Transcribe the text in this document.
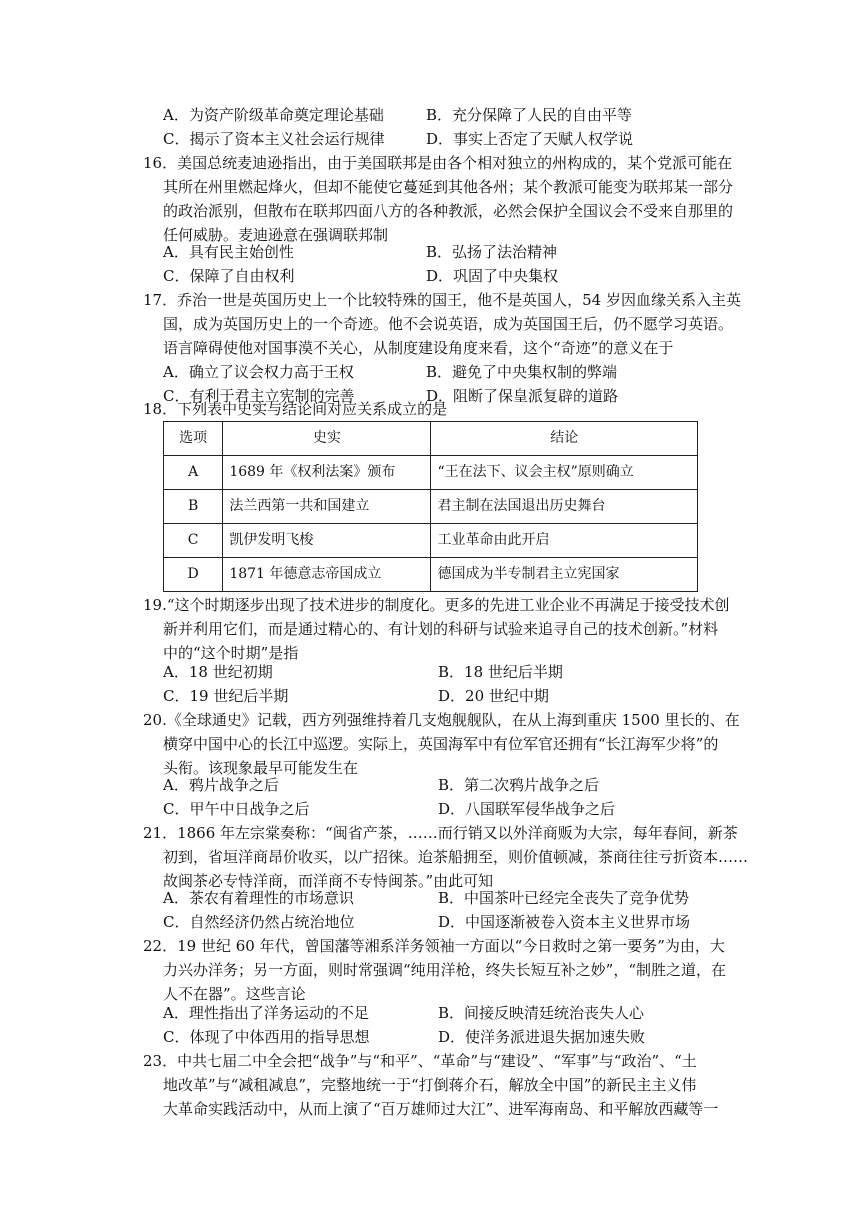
A．为资产阶级革命奠定理论基础	B．充分保障了人民的自由平等
C．揭示了资本主义社会运行规律	D．事实上否定了天赋人权学说
16．美国总统麦迪逊指出，由于美国联邦是由各个相对独立的州构成的，某个党派可能在
其所在州里燃起烽火，但却不能使它蔓延到其他各州；某个教派可能变为联邦某一部分
的政治派别，但散布在联邦四面八方的各种教派，必然会保护全国议会不受来自那里的
任何威胁。麦迪逊意在强调联邦制
A．具有民主始创性	B．弘扬了法治精神
C．保障了自由权利	D．巩固了中央集权
17．乔治一世是英国历史上一个比较特殊的国王，他不是英国人，54 岁因血缘关系入主英
国，成为英国历史上的一个奇迹。他不会说英语，成为英国国王后，仍不愿学习英语。
语言障碍使他对国事漠不关心，从制度建设角度来看，这个“奇迹”的意义在于
A．确立了议会权力高于王权	B．避免了中央集权制的弊端
C．有利于君主立宪制的完善	D．阻断了保皇派复辟的道路
18．下列表中史实与结论间对应关系成立的是
选项	史实	结论
A	1689 年《权利法案》颁布	“王在法下、议会主权”原则确立
B	法兰西第一共和国建立	君主制在法国退出历史舞台
C	凯伊发明飞梭	工业革命由此开启
D	1871 年德意志帝国成立	德国成为半专制君主立宪国家
19.“这个时期逐步出现了技术进步的制度化。更多的先进工业企业不再满足于接受技术创
新并利用它们，而是通过精心的、有计划的科研与试验来追寻自己的技术创新。”材料
中的“这个时期”是指
A．18 世纪初期	B．18 世纪后半期
C．19 世纪后半期	D．20 世纪中期
20.《全球通史》记载，西方列强维持着几支炮舰舰队，在从上海到重庆 1500 里长的、在
横穿中国中心的长江中巡逻。实际上，英国海军中有位军官还拥有“长江海军少将”的
头衔。该现象最早可能发生在
A．鸦片战争之后	B．第二次鸦片战争之后
C．甲午中日战争之后	D．八国联军侵华战争之后
21．1866 年左宗棠奏称：“闽省产茶，……而行销又以外洋商贩为大宗，每年春间，新茶
初到，省垣洋商昂价收买，以广招徕。迨茶船拥至，则价值顿减，茶商往往亏折资本……
故闽茶必专恃洋商，而洋商不专恃闽茶。”由此可知
A．茶农有着理性的市场意识	B．中国茶叶已经完全丧失了竞争优势
C．自然经济仍然占统治地位	D．中国逐渐被卷入资本主义世界市场
22．19 世纪 60 年代，曾国藩等湘系洋务领袖一方面以“今日救时之第一要务”为由，大
力兴办洋务；另一方面，则时常强调“纯用洋枪，终失长短互补之妙”，“制胜之道，在
人不在器”。这些言论
A．理性指出了洋务运动的不足	B．间接反映清廷统治丧失人心
C．体现了中体西用的指导思想	D．使洋务派进退失据加速失败
23．中共七届二中全会把“战争”与“和平”、“革命”与“建设”、“军事”与“政治”、“土
地改革”与“减租减息”，完整地统一于“打倒蒋介石，解放全中国”的新民主主义伟
大革命实践活动中，从而上演了“百万雄师过大江”、进军海南岛、和平解放西藏等一
